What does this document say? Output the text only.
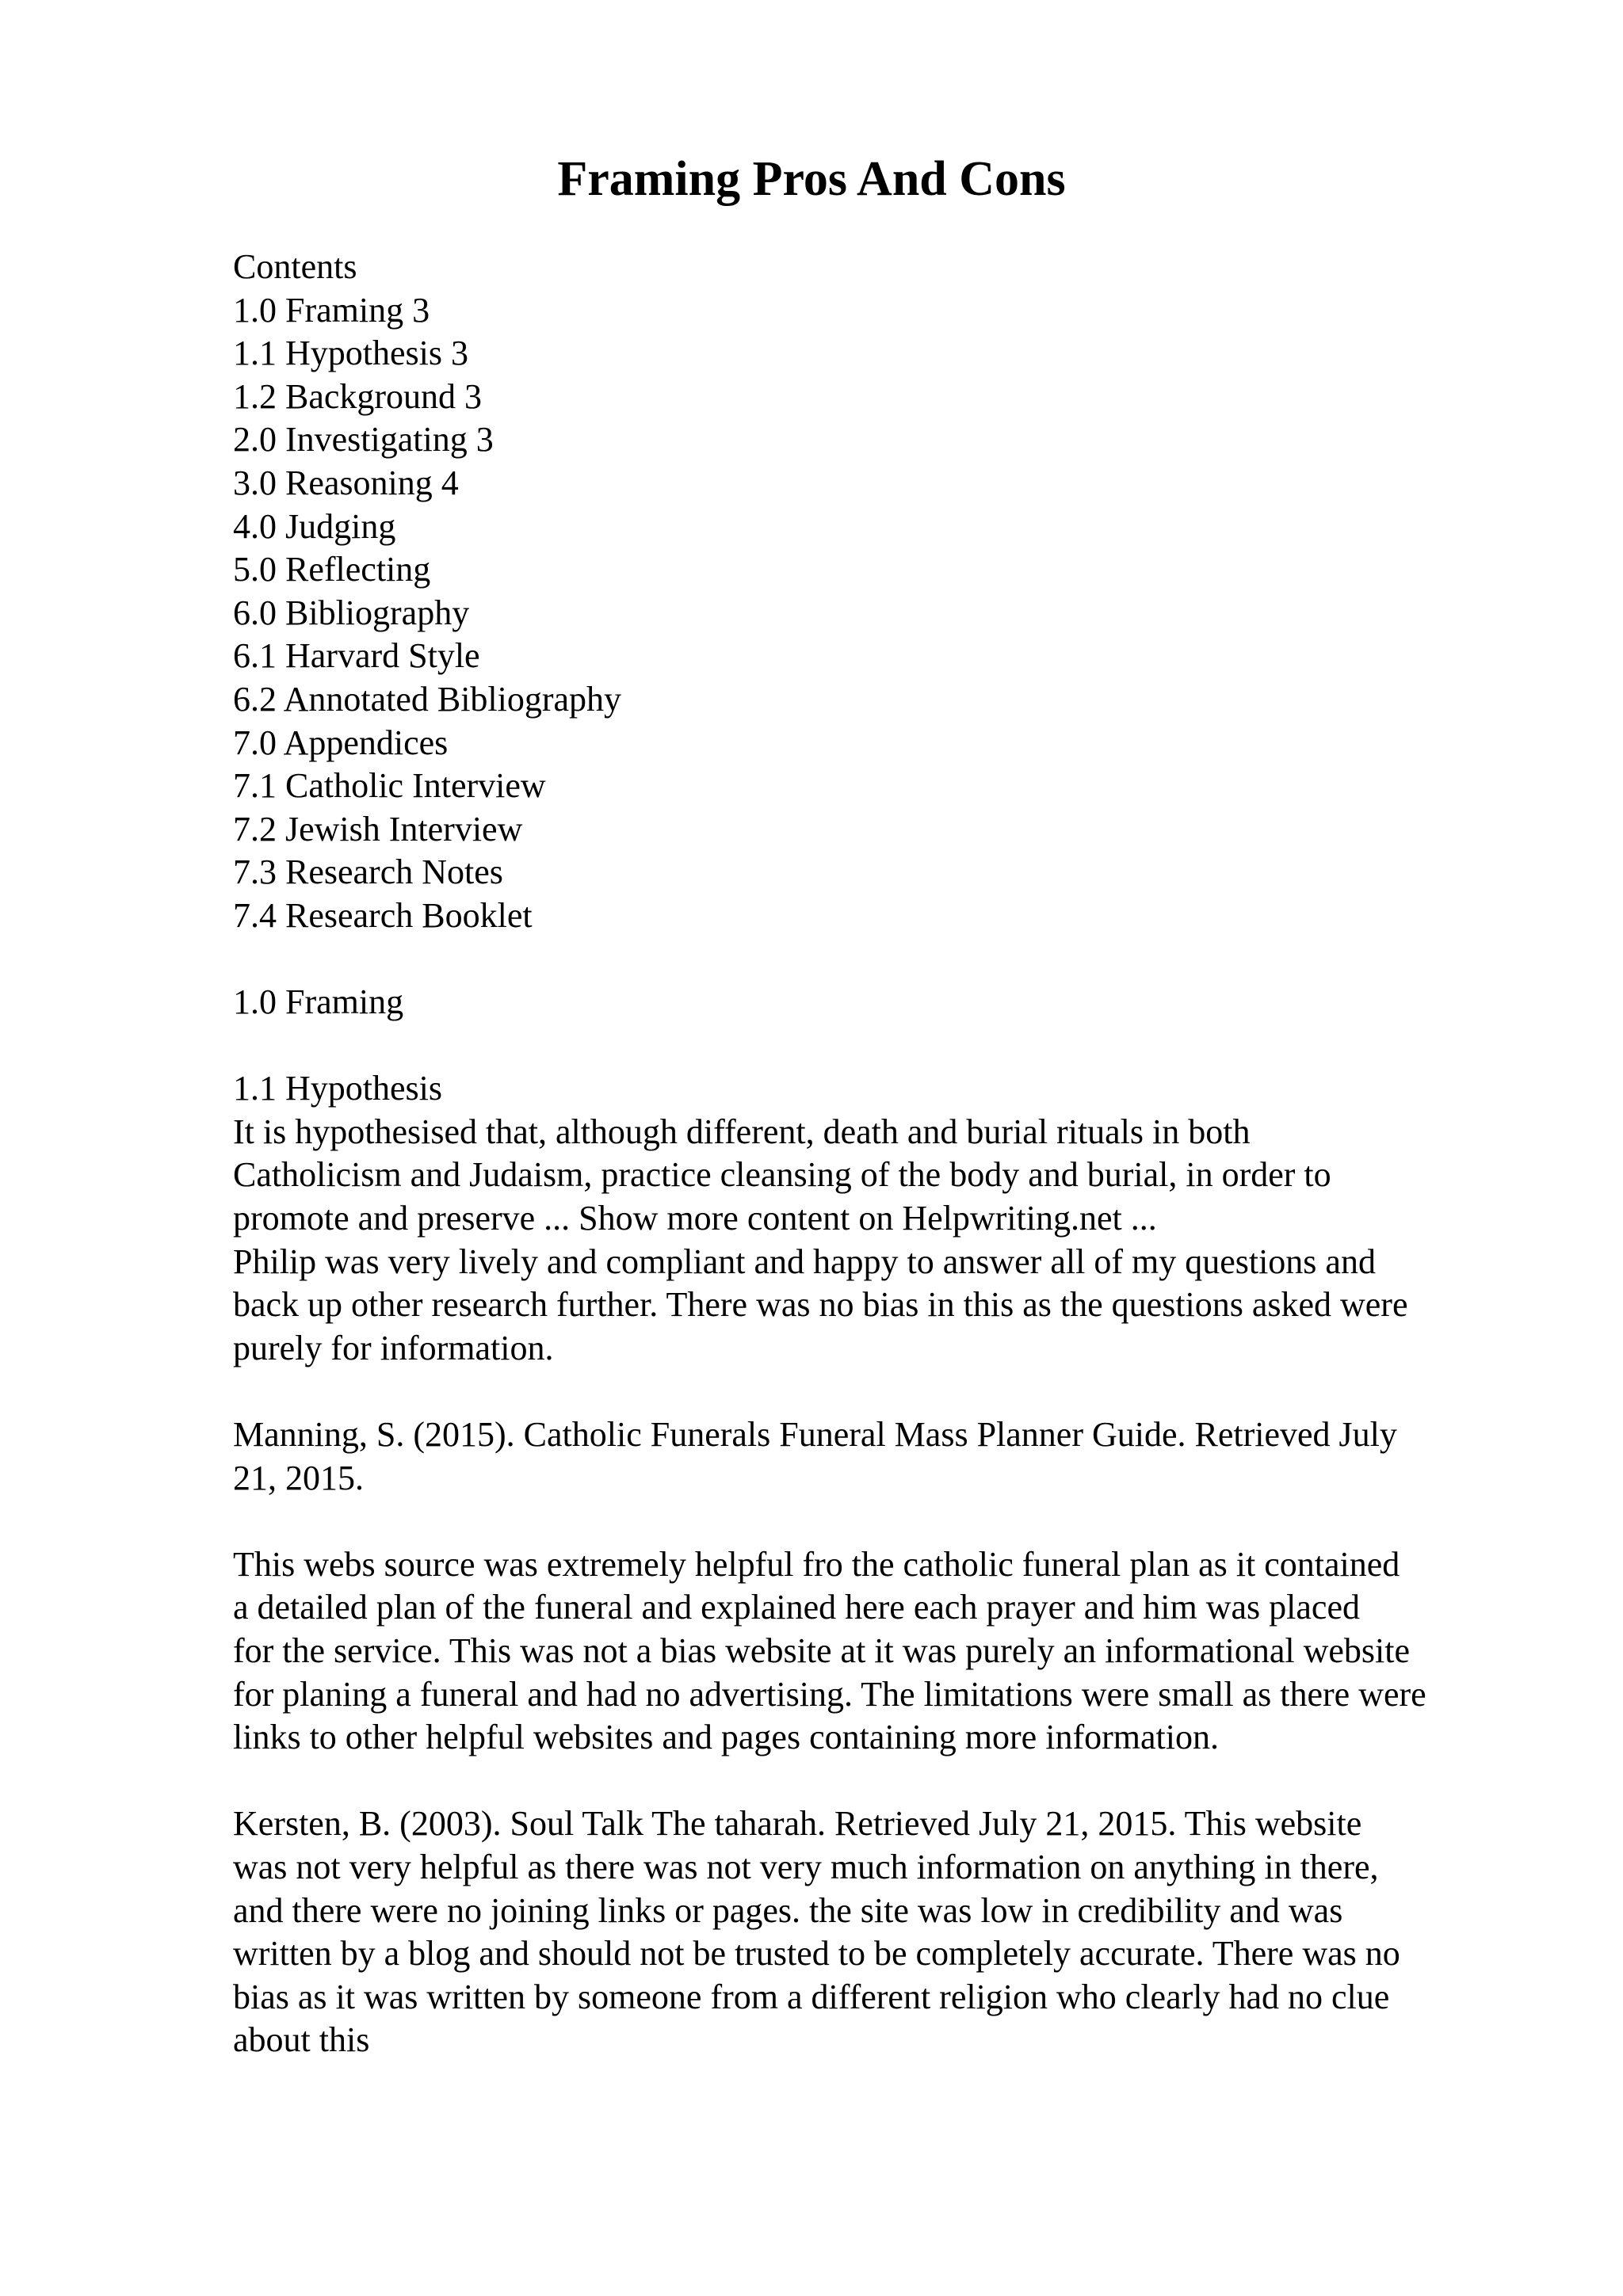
Framing Pros And Cons
Contents
1.0 Framing 3
1.1 Hypothesis 3
1.2 Background 3
2.0 Investigating 3
3.0 Reasoning 4
4.0 Judging
5.0 Reflecting
6.0 Bibliography
6.1 Harvard Style
6.2 Annotated Bibliography
7.0 Appendices
7.1 Catholic Interview
7.2 Jewish Interview
7.3 Research Notes
7.4 Research Booklet
1.0 Framing
1.1 Hypothesis
It is hypothesised that, although different, death and burial rituals in both
Catholicism and Judaism, practice cleansing of the body and burial, in order to
promote and preserve ... Show more content on Helpwriting.net ...
Philip was very lively and compliant and happy to answer all of my questions and
back up other research further. There was no bias in this as the questions asked were
purely for information.
Manning, S. (2015). Catholic Funerals Funeral Mass Planner Guide. Retrieved July
21, 2015.
This webs source was extremely helpful fro the catholic funeral plan as it contained
a detailed plan of the funeral and explained here each prayer and him was placed
for the service. This was not a bias website at it was purely an informational website
for planing a funeral and had no advertising. The limitations were small as there were
links to other helpful websites and pages containing more information.
Kersten, B. (2003). Soul Talk The taharah. Retrieved July 21, 2015. This website
was not very helpful as there was not very much information on anything in there,
and there were no joining links or pages. the site was low in credibility and was
written by a blog and should not be trusted to be completely accurate. There was no
bias as it was written by someone from a different religion who clearly had no clue
about this
